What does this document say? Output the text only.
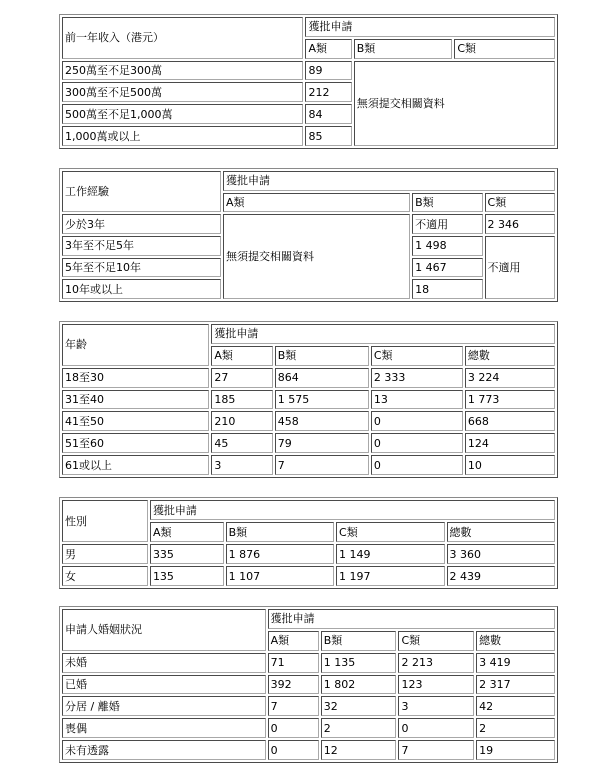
前一年收入（港元）	獲批申請		
	A類	B類	C類
250萬至不足300萬	89	無須提交相關資料	
300萬至不足500萬	212		
500萬至不足1,000萬	84		
1,000萬或以上	85		
工作經驗	獲批申請		
	A類	B類	C類
少於3年	無須提交相關資料	不適用	2 346
3年至不足5年		1 498	不適用
5年至不足10年		1 467	
10年或以上		18	
年齡	獲批申請			
	A類	B類	C類	總數
18至30	27	864	2 333	3 224
31至40	185	1 575	13	1 773
41至50	210	458	0	668
51至60	45	79	0	124
61或以上	3	7	0	10
性別	獲批申請			
	A類	B類	C類	總數
男	335	1 876	1 149	3 360
女	135	1 107	1 197	2 439
申請人婚姻狀況	獲批申請			
	A類	B類	C類	總數
未婚	71	1 135	2 213	3 419
已婚	392	1 802	123	2 317
分居 / 離婚	7	32	3	42
喪偶	0	2	0	2
未有透露	0	12	7	19
